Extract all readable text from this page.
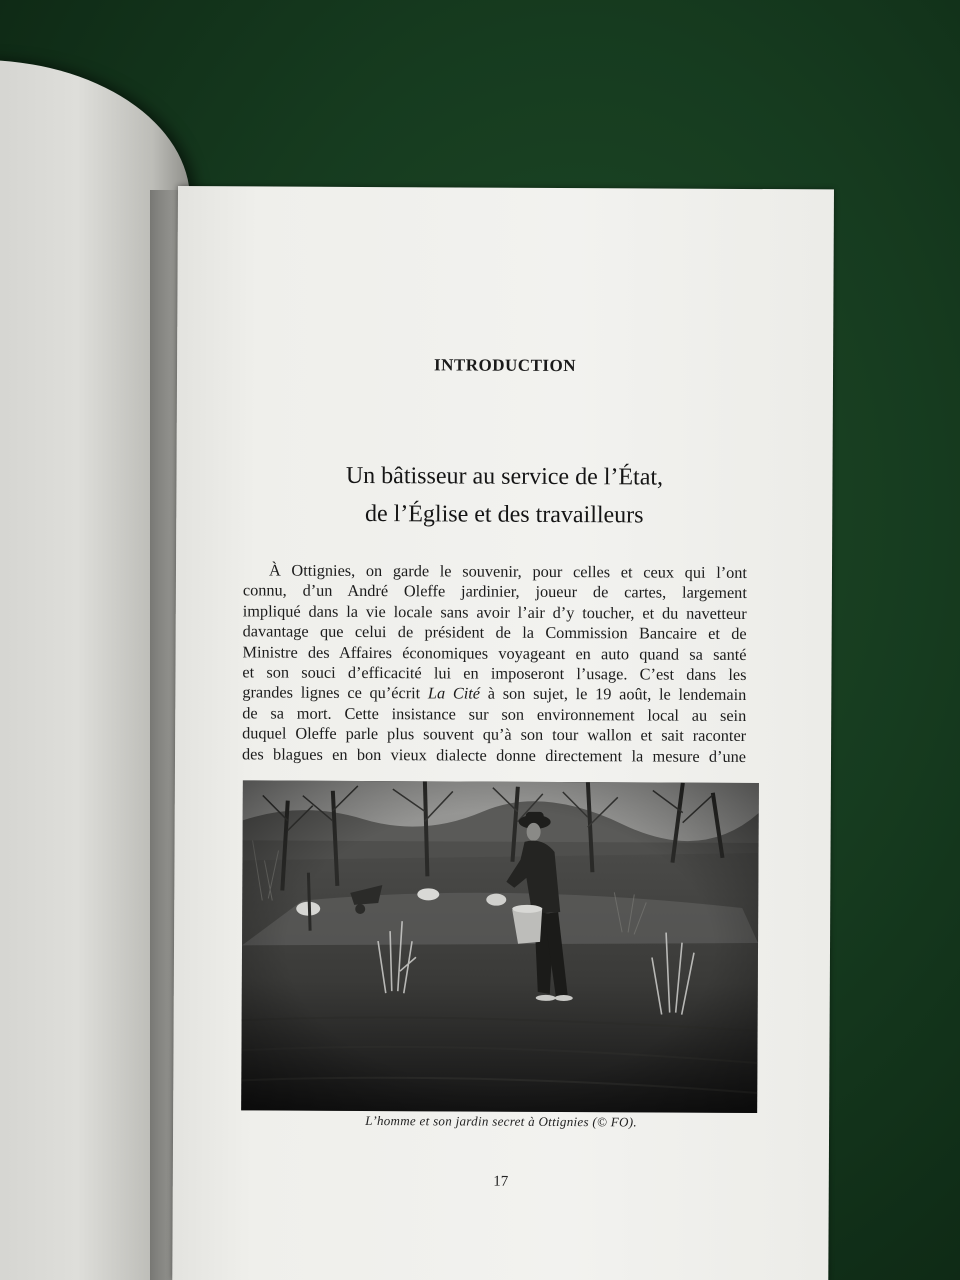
INTRODUCTION
Un bâtisseur au service de l’État,
de l’Église et des travailleurs
À Ottignies, on garde le souvenir, pour celles et ceux qui l’ont
connu, d’un André Oleffe jardinier, joueur de cartes, largement
impliqué dans la vie locale sans avoir l’air d’y toucher, et du navetteur
davantage que celui de président de la Commission Bancaire et de
Ministre des Affaires économiques voyageant en auto quand sa santé
et son souci d’efficacité lui en imposeront l’usage. C’est dans les
grandes lignes ce qu’écrit La Cité à son sujet, le 19 août, le lendemain
de sa mort. Cette insistance sur son environnement local au sein
duquel Oleffe parle plus souvent qu’à son tour wallon et sait raconter
des blagues en bon vieux dialecte donne directement la mesure d’une
L’homme et son jardin secret à Ottignies (© FO).
17
